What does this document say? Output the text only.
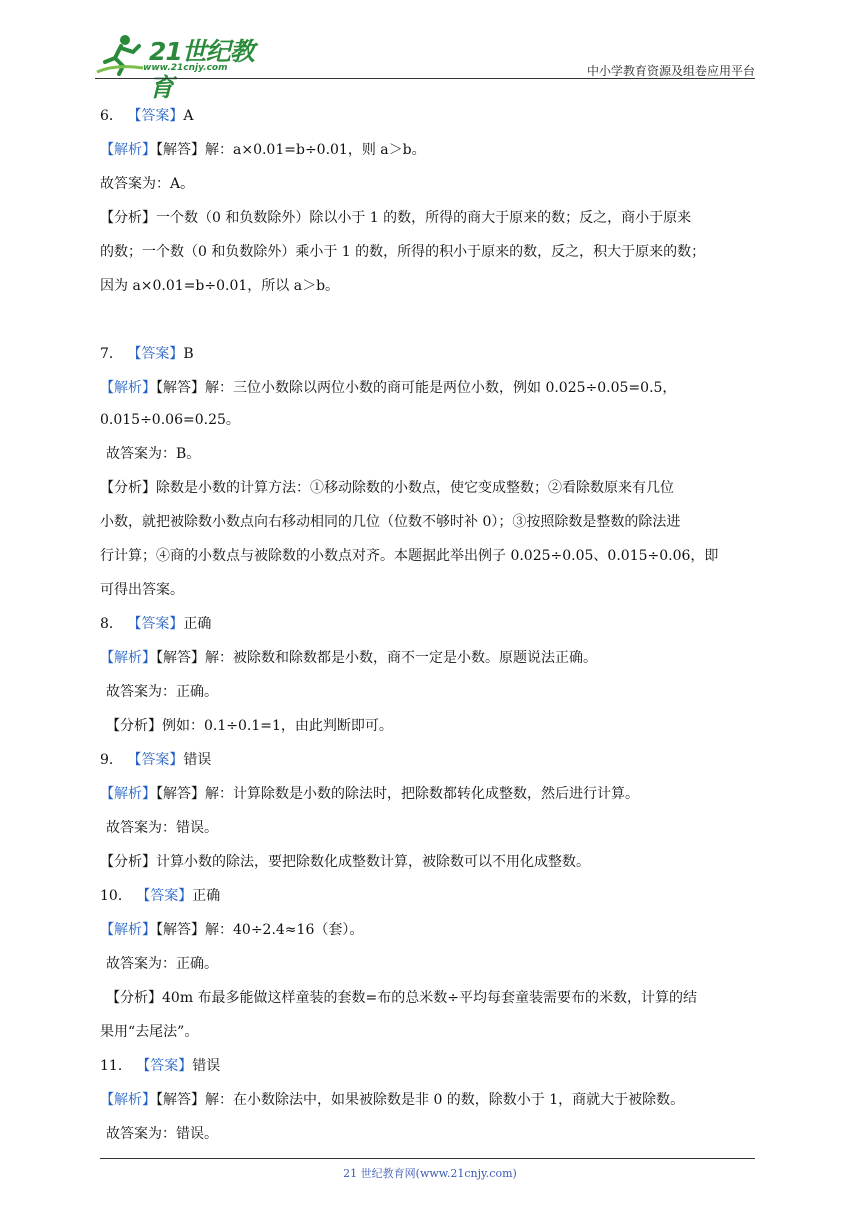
21世纪教育
www.21cnjy.com	中小学教育资源及组卷应用平台
6． 【答案】A
【解析】【解答】解：a×0.01=b÷0.01，则 a＞b。
故答案为：A。
【分析】一个数（0 和负数除外）除以小于 1 的数，所得的商大于原来的数；反之，商小于原来
的数；一个数（0 和负数除外）乘小于 1 的数，所得的积小于原来的数，反之，积大于原来的数；
因为 a×0.01=b÷0.01，所以 a＞b。
7． 【答案】B
【解析】【解答】解：三位小数除以两位小数的商可能是两位小数，例如 0.025÷0.05=0.5，
0.015÷0.06=0.25。
故答案为：B。
【分析】除数是小数的计算方法：①移动除数的小数点，使它变成整数；②看除数原来有几位
小数，就把被除数小数点向右移动相同的几位（位数不够时补 0）；③按照除数是整数的除法进
行计算；④商的小数点与被除数的小数点对齐。本题据此举出例子 0.025÷0.05、0.015÷0.06，即
可得出答案。
8． 【答案】正确
【解析】【解答】解：被除数和除数都是小数，商不一定是小数。原题说法正确。
故答案为：正确。
【分析】例如：0.1÷0.1=1，由此判断即可。
9． 【答案】错误
【解析】【解答】解：计算除数是小数的除法时，把除数都转化成整数，然后进行计算。
故答案为：错误。
【分析】计算小数的除法，要把除数化成整数计算，被除数可以不用化成整数。
10． 【答案】正确
【解析】【解答】解：40÷2.4≈16（套）。
故答案为：正确。
【分析】40m 布最多能做这样童装的套数=布的总米数÷平均每套童装需要布的米数，计算的结
果用“去尾法”。
11． 【答案】错误
【解析】【解答】解：在小数除法中，如果被除数是非 0 的数，除数小于 1，商就大于被除数。
故答案为：错误。
21 世纪教育网(www.21cnjy.com)
